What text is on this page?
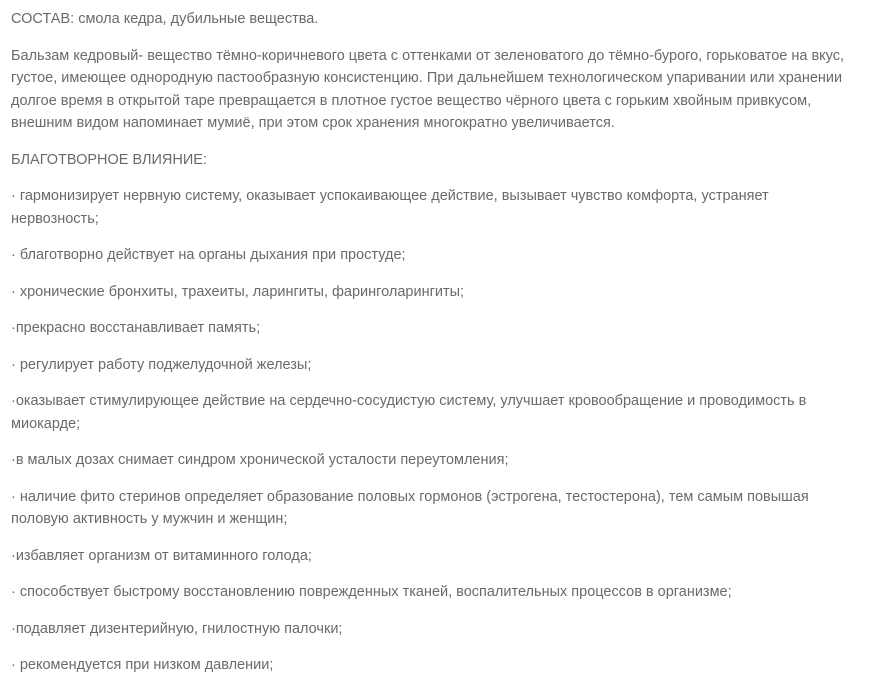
СОСТАВ: смола кедра, дубильные вещества.

Бальзам кедровый- вещество тёмно-коричневого цвета с оттенками от зеленоватого до тёмно-бурого, горьковатое на вкус, густое, имеющее однородную пастообразную консистенцию. При дальнейшем технологическом упаривании или хранении долгое время в открытой таре превращается в плотное густое вещество чёрного цвета с горьким хвойным привкусом, внешним видом напоминает мумиё, при этом срок хранения многократно увеличивается.

БЛАГОТВОРНОЕ ВЛИЯНИЕ:

· гармонизирует нервную систему, оказывает успокаивающее действие, вызывает чувство комфорта, устраняет нервозность;
· благотворно действует на органы дыхания при простуде;
· хронические бронхиты, трахеиты, ларингиты, фаринголарингиты;
·прекрасно восстанавливает память;
· регулирует работу поджелудочной железы;
·оказывает стимулирующее действие на сердечно-сосудистую систему, улучшает кровообращение и проводимость в миокарде;
·в малых дозах снимает синдром хронической усталости переутомления;
· наличие фито стеринов определяет образование половых гормонов (эстрогена, тестостерона), тем самым повышая половую активность у мужчин и женщин;
·избавляет организм от витаминного голода;
· способствует быстрому восстановлению поврежденных тканей, воспалительных процессов в организме;
·подавляет дизентерийную, гнилостную палочки;
· рекомендуется при низком давлении;
